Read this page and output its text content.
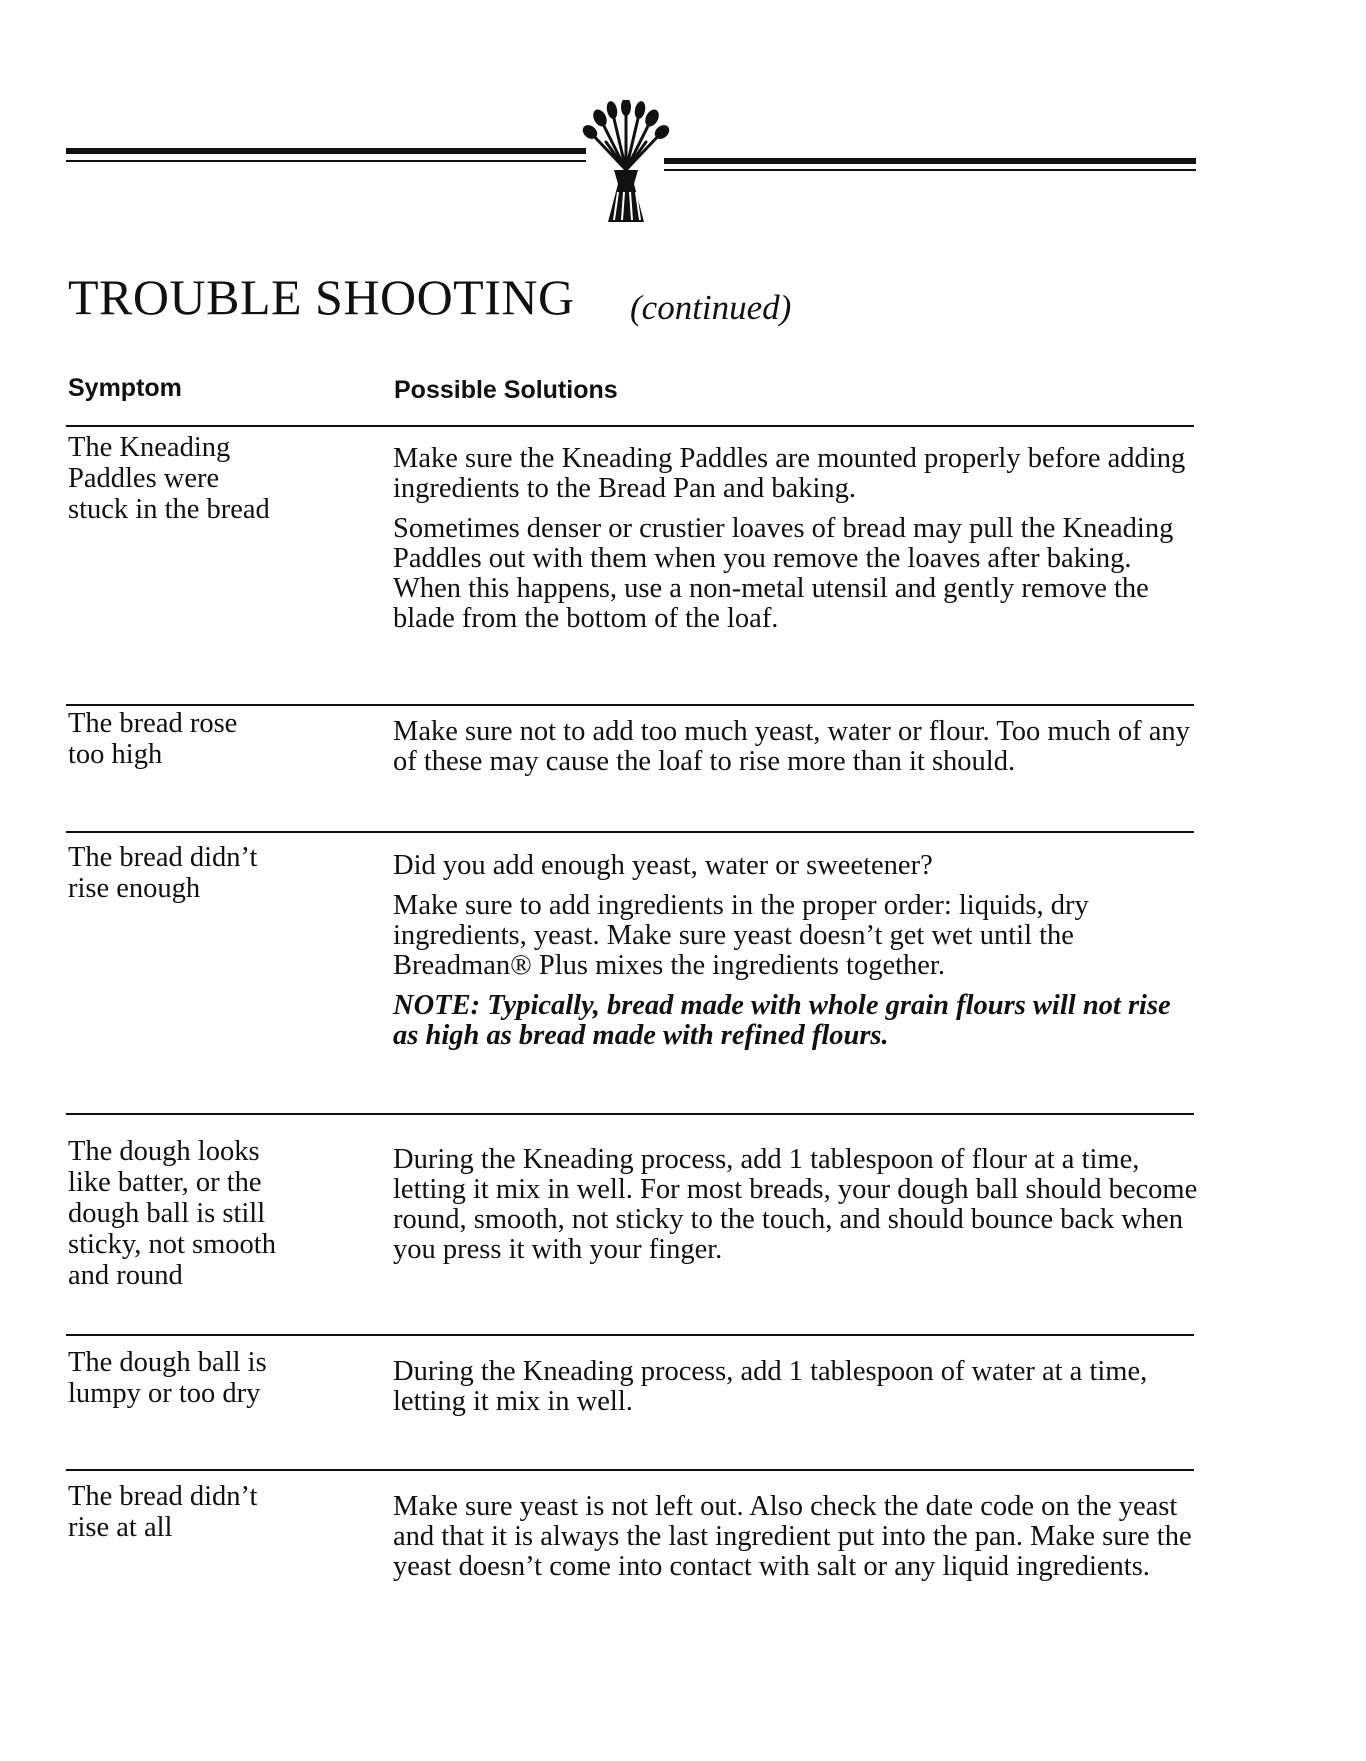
TROUBLE SHOOTING (continued)
Symptom	Possible Solutions
The Kneading
Paddles were
stuck in the bread

Make sure the Kneading Paddles are mounted properly before adding ingredients to the Bread Pan and baking.

Sometimes denser or crustier loaves of bread may pull the Kneading Paddles out with them when you remove the loaves after baking. When this happens, use a non-metal utensil and gently remove the blade from the bottom of the loaf.

The bread rose
too high

Make sure not to add too much yeast, water or flour. Too much of any of these may cause the loaf to rise more than it should.

The bread didn’t
rise enough

Did you add enough yeast, water or sweetener?

Make sure to add ingredients in the proper order: liquids, dry ingredients, yeast. Make sure yeast doesn’t get wet until the Breadman® Plus mixes the ingredients together.

NOTE: Typically, bread made with whole grain flours will not rise as high as bread made with refined flours.

The dough looks
like batter, or the
dough ball is still
sticky, not smooth
and round

During the Kneading process, add 1 tablespoon of flour at a time, letting it mix in well. For most breads, your dough ball should become round, smooth, not sticky to the touch, and should bounce back when you press it with your finger.

The dough ball is
lumpy or too dry

During the Kneading process, add 1 tablespoon of water at a time, letting it mix in well.

The bread didn’t
rise at all

Make sure yeast is not left out. Also check the date code on the yeast and that it is always the last ingredient put into the pan. Make sure the yeast doesn’t come into contact with salt or any liquid ingredients.
